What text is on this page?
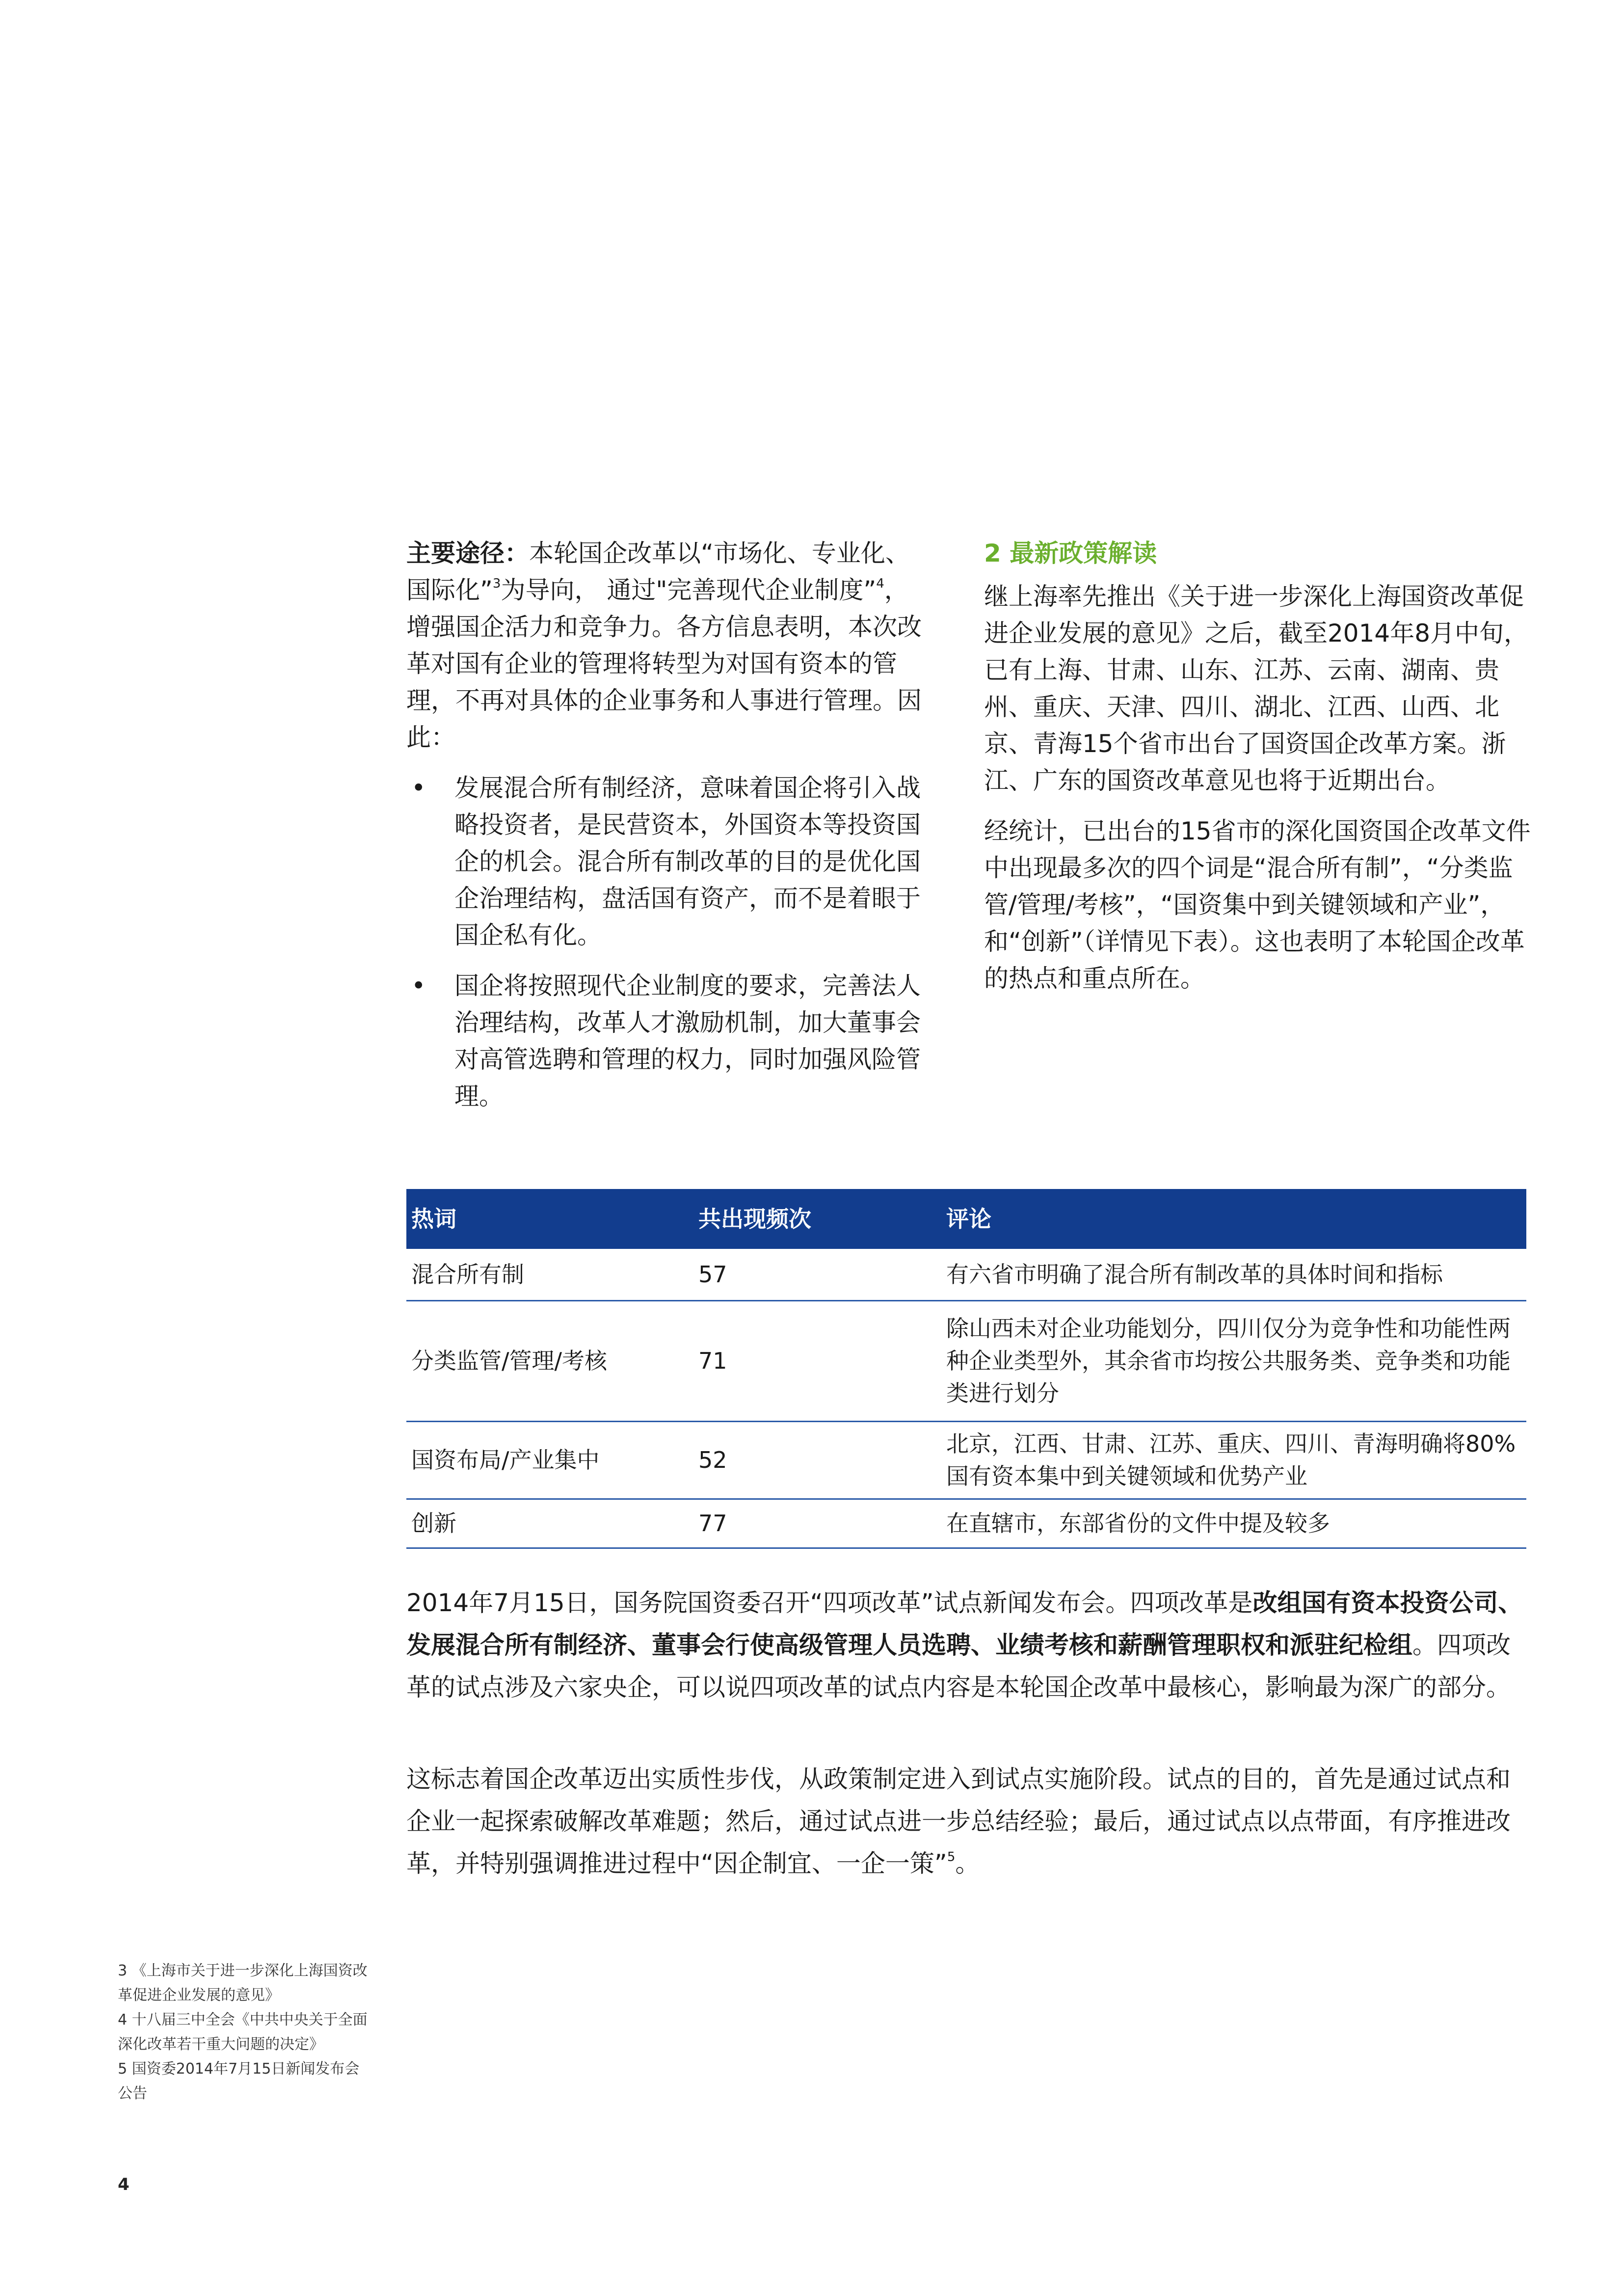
主要途径：本轮国企改革以“市场化、专业化、国际化”$^3$为导向， 通过"完善现代企业制度”$^4$，增强国企活力和竞争力。各方信息表明，本次改革对国有企业的管理将转型为对国有资本的管理，不再对具体的企业事务和人事进行管理。因此：

• 发展混合所有制经济，意味着国企将引入战略投资者，是民营资本，外国资本等投资国企的机会。混合所有制改革的目的是优化国企治理结构，盘活国有资产，而不是着眼于国企私有化。
• 国企将按照现代企业制度的要求，完善法人治理结构，改革人才激励机制，加大董事会对高管选聘和管理的权力，同时加强风险管理。

2 最新政策解读

继上海率先推出《关于进一步深化上海国资改革促进企业发展的意见》之后，截至2014年8月中旬，已有上海、甘肃、山东、江苏、云南、湖南、贵州、重庆、天津、四川、湖北、江西、山西、北京、青海15个省市出台了国资国企改革方案。浙江、广东的国资改革意见也将于近期出台。

经统计，已出台的15省市的深化国资国企改革文件中出现最多次的四个词是“混合所有制”，“分类监管/管理/考核”，“国资集中到关键领域和产业”，和“创新”（详情见下表）。这也表明了本轮国企改革的热点和重点所在。

热词	共出现频次	评论
混合所有制	57	有六省市明确了混合所有制改革的具体时间和指标
分类监管/管理/考核	71	除山西未对企业功能划分，四川仅分为竞争性和功能性两种企业类型外，其余省市均按公共服务类、竞争类和功能类进行划分
国资布局/产业集中	52	北京，江西、甘肃、江苏、重庆、四川、青海明确将80%国有资本集中到关键领域和优势产业
创新	77	在直辖市，东部省份的文件中提及较多

2014年7月15日，国务院国资委召开“四项改革”试点新闻发布会。四项改革是改组国有资本投资公司、发展混合所有制经济、董事会行使高级管理人员选聘、业绩考核和薪酬管理职权和派驻纪检组。四项改革的试点涉及六家央企，可以说四项改革的试点内容是本轮国企改革中最核心，影响最为深广的部分。

这标志着国企改革迈出实质性步伐，从政策制定进入到试点实施阶段。试点的目的，首先是通过试点和企业一起探索破解改革难题；然后，通过试点进一步总结经验；最后，通过试点以点带面，有序推进改革，并特别强调推进过程中“因企制宜、一企一策”$^5$。

3 《上海市关于进一步深化上海国资改革促进企业发展的意见》
4 十八届三中全会《中共中央关于全面深化改革若干重大问题的决定》
5 国资委2014年7月15日新闻发布会公告
4
